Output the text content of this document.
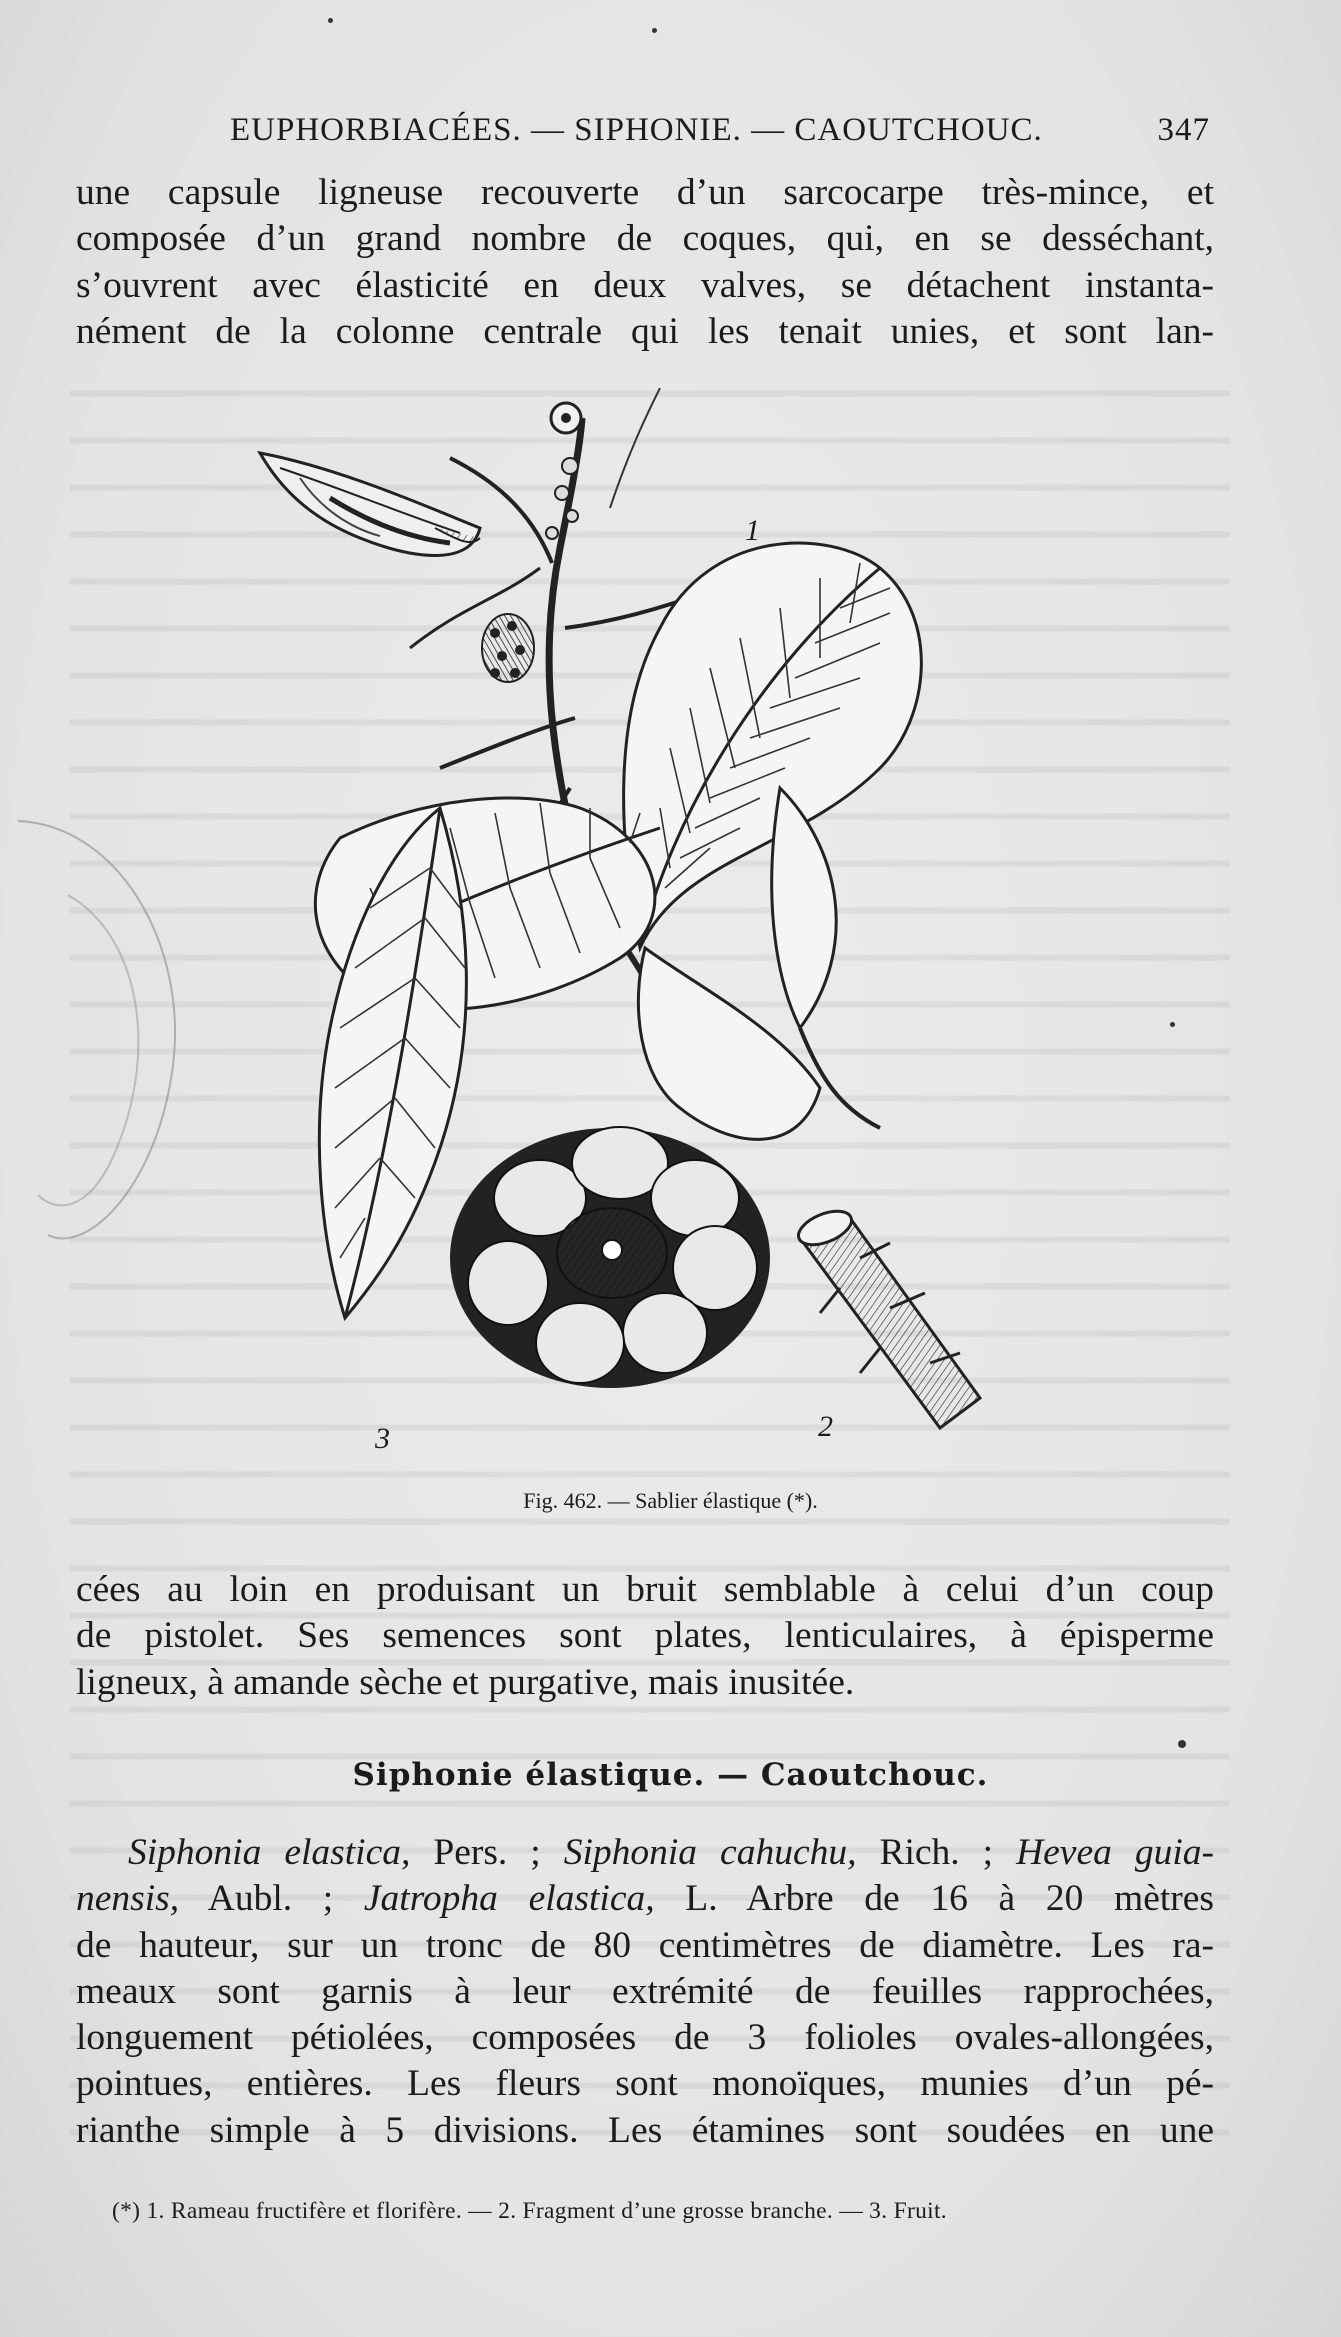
EUPHORBIACÉES. — SIPHONIE. — CAOUTCHOUC.	347

une capsule ligneuse recouverte d’un sarcocarpe très-mince, et

composée d’un grand nombre de coques, qui, en se desséchant,

s’ouvrent avec élasticité en deux valves, se détachent instanta-

nément de la colonne centrale qui les tenait unies, et sont lan-

1
2
3
Fig. 462. — Sablier élastique (*).

cées au loin en produisant un bruit semblable à celui d’un coup

de pistolet. Ses semences sont plates, lenticulaires, à épisperme

ligneux, à amande sèche et purgative, mais inusitée.

Siphonie élastique. — Caoutchouc.

Siphonia elastica, Pers. ; Siphonia cahuchu, Rich. ; Hevea guia-

nensis, Aubl. ; Jatropha elastica, L. Arbre de 16 à 20 mètres

de hauteur, sur un tronc de 80 centimètres de diamètre. Les ra-

meaux sont garnis à leur extrémité de feuilles rapprochées,

longuement pétiolées, composées de 3 folioles ovales-allongées,

pointues, entières. Les fleurs sont monoïques, munies d’un pé-

rianthe simple à 5 divisions. Les étamines sont soudées en une

(*) 1. Rameau fructifère et florifère. — 2. Fragment d’une grosse branche. — 3. Fruit.
